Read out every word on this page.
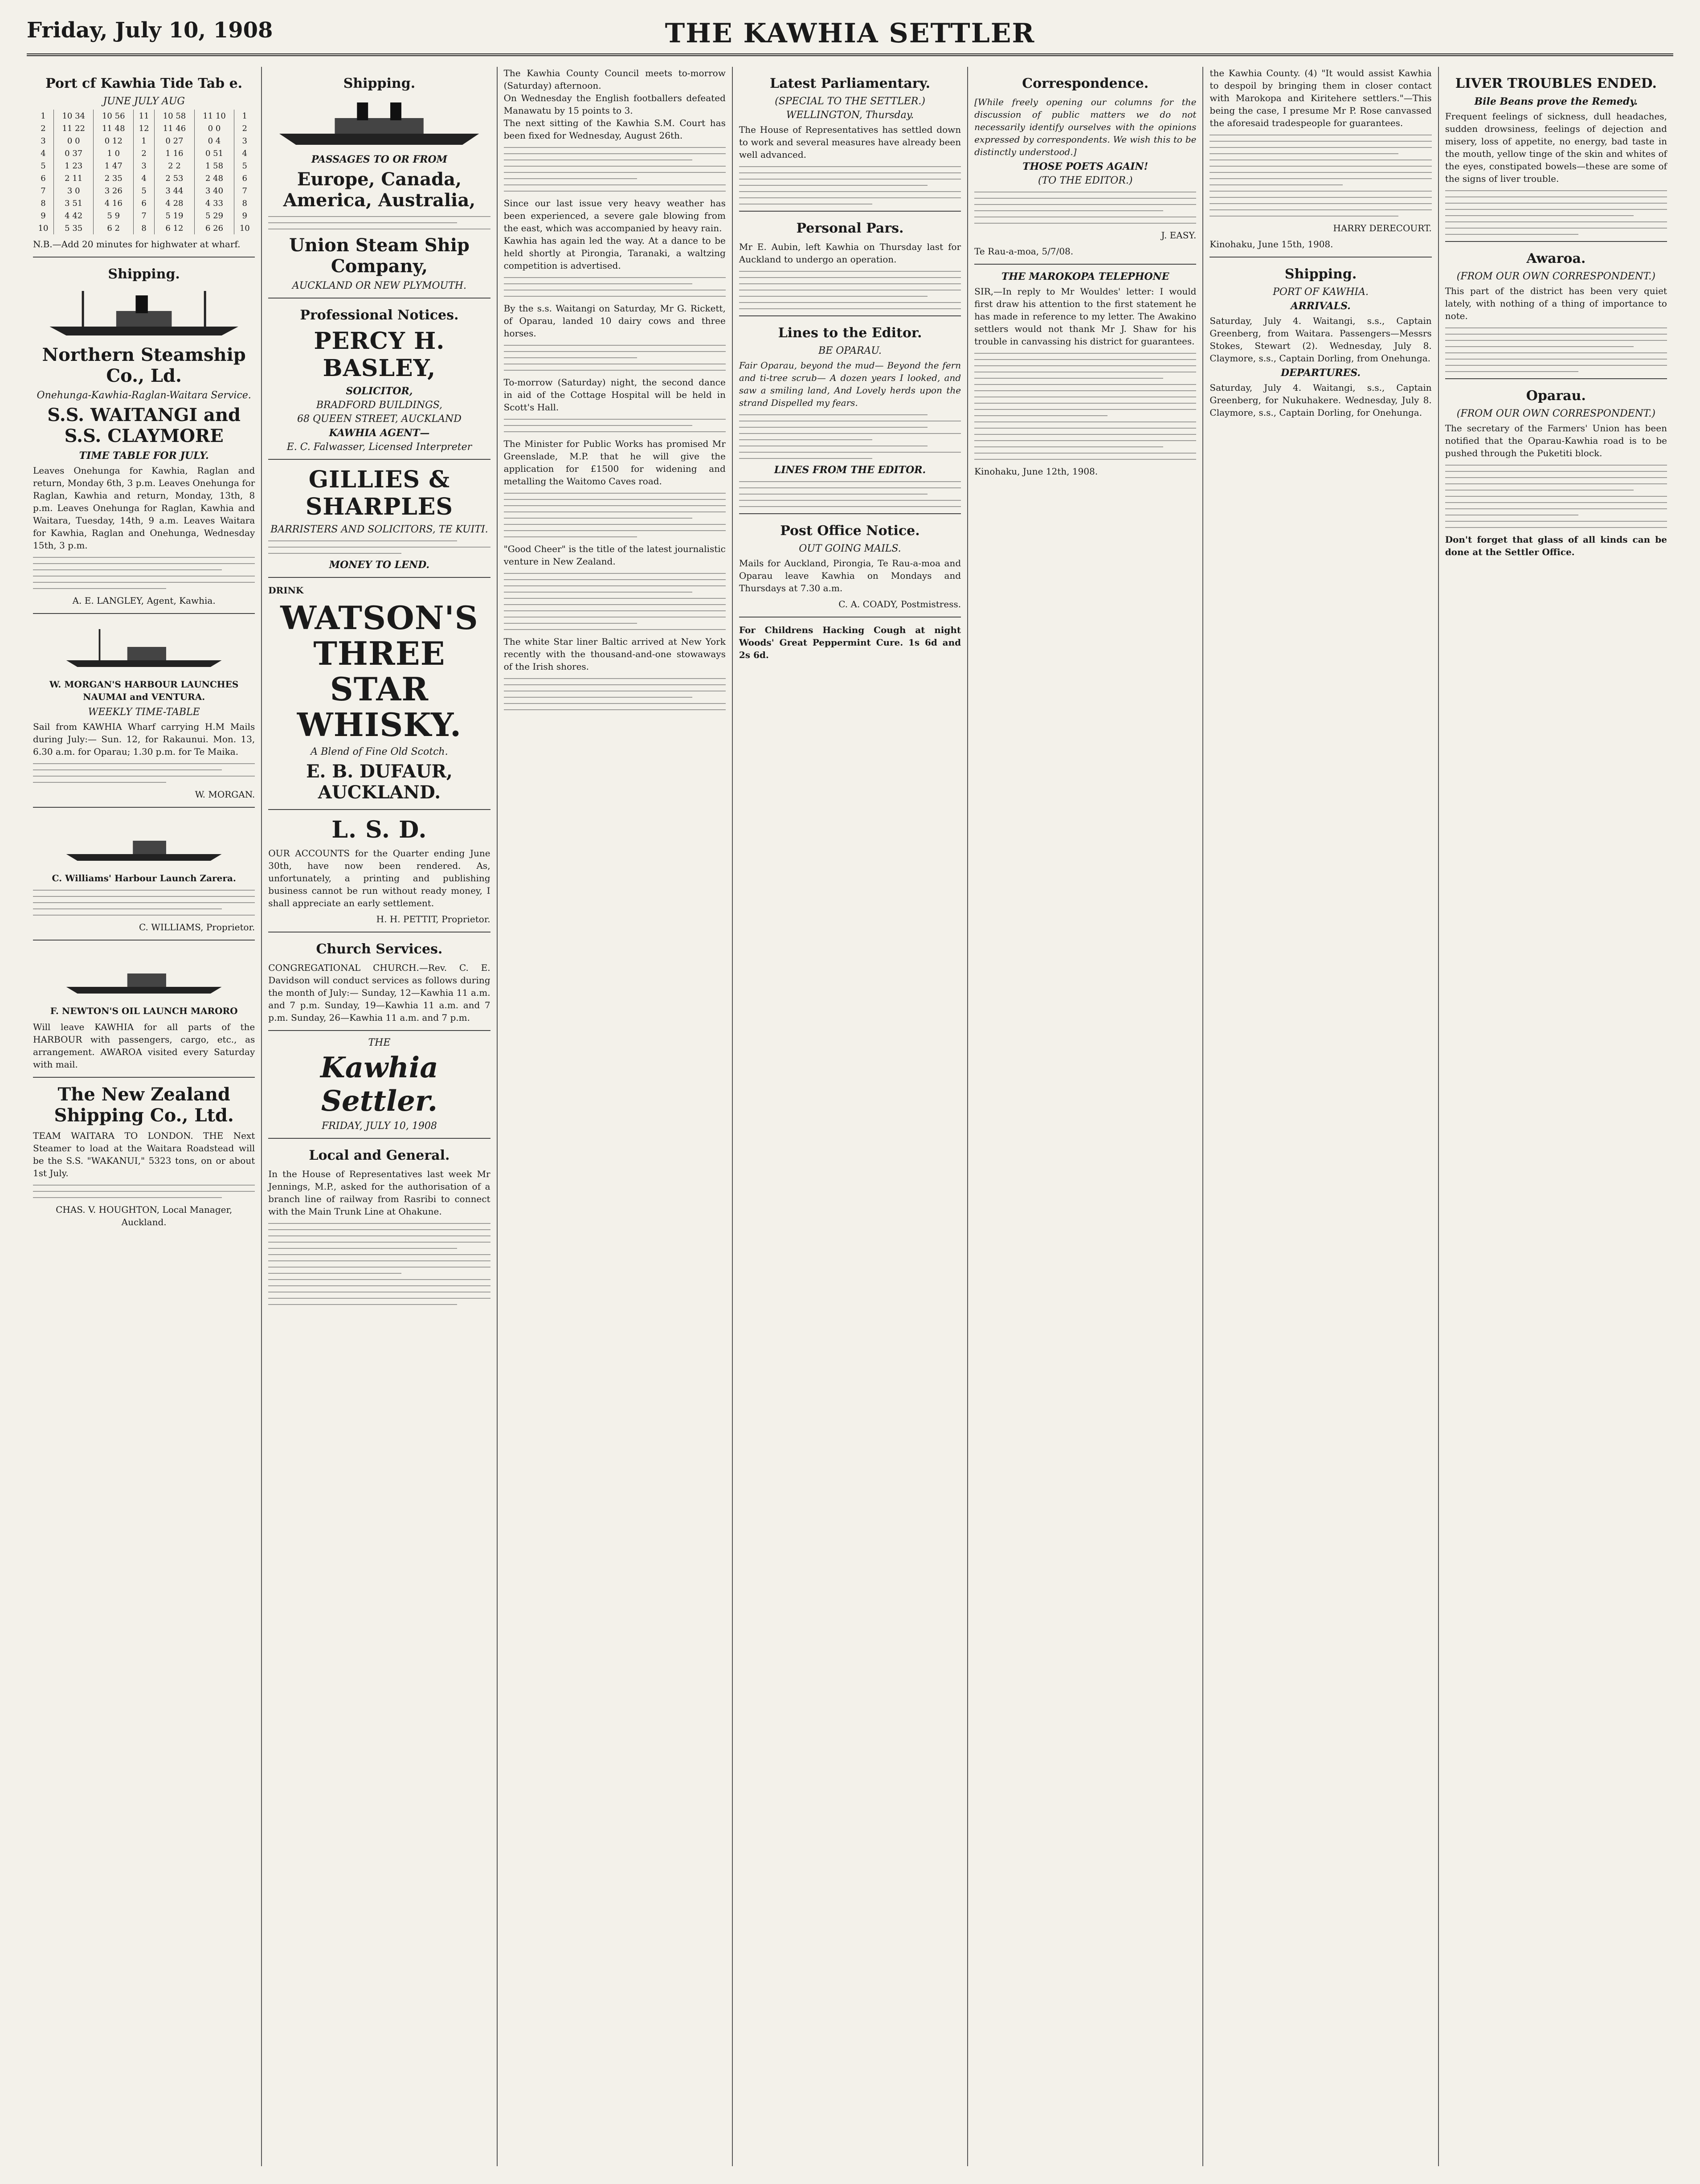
Friday, July 10, 1908	THE KAWHIA SETTLER
Port cf Kawhia Tide Tab e.
JUNE JULY AUG
1	10 34	10 56	11	10 58	11 10	1
2	11 22	11 48	12	11 46	0 0	2
3	0 0	0 12	1	0 27	0 4	3
4	0 37	1 0	2	1 16	0 51	4
5	1 23	1 47	3	2 2	1 58	5
6	2 11	2 35	4	2 53	2 48	6
7	3 0	3 26	5	3 44	3 40	7
8	3 51	4 16	6	4 28	4 33	8
9	4 42	5 9	7	5 19	5 29	9
10	5 35	6 2	8	6 12	6 26	10
N.B.—Add 20 minutes for highwater at wharf.
Shipping.
Northern Steamship Co., Ld.
Onehunga-Kawhia-Raglan-Waitara Service.
S.S. WAITANGI and S.S. CLAYMORE
TIME TABLE FOR JULY.
Leaves Onehunga for Kawhia, Raglan and return, Monday 6th, 3 p.m. Leaves Onehunga for Raglan, Kawhia and return, Monday, 13th, 8 p.m. Leaves Onehunga for Raglan, Kawhia and Waitara, Tuesday, 14th, 9 a.m. Leaves Waitara for Kawhia, Raglan and Onehunga, Wednesday 15th, 3 p.m.
A. E. LANGLEY, Agent, Kawhia.
W. MORGAN'S HARBOUR LAUNCHES NAUMAI and VENTURA.
WEEKLY TIME-TABLE
Sail from KAWHIA Wharf carrying H.M Mails during July:— Sun. 12, for Rakaunui. Mon. 13, 6.30 a.m. for Oparau; 1.30 p.m. for Te Maika.
W. MORGAN.
C. Williams' Harbour Launch Zarera.
C. WILLIAMS, Proprietor.
F. NEWTON'S OIL LAUNCH MARORO
Will leave KAWHIA for all parts of the HARBOUR with passengers, cargo, etc., as arrangement. AWAROA visited every Saturday with mail.
The New Zealand Shipping Co., Ltd.
TEAM WAITARA TO LONDON. THE Next Steamer to load at the Waitara Roadstead will be the S.S. "WAKANUI," 5323 tons, on or about 1st July.
CHAS. V. HOUGHTON, Local Manager, Auckland.
Shipping.
PASSAGES TO OR FROM
Europe, Canada, America, Australia,
Union Steam Ship Company,
AUCKLAND OR NEW PLYMOUTH.
Professional Notices.
PERCY H. BASLEY,
SOLICITOR,
BRADFORD BUILDINGS,
68 QUEEN STREET, AUCKLAND
KAWHIA AGENT—
E. C. Falwasser, Licensed Interpreter
GILLIES & SHARPLES
BARRISTERS AND SOLICITORS, TE KUITI.
MONEY TO LEND.
DRINK
WATSON'S THREE STAR WHISKY.
A Blend of Fine Old Scotch.
E. B. DUFAUR, AUCKLAND.
L. S. D.
OUR ACCOUNTS for the Quarter ending June 30th, have now been rendered. As, unfortunately, a printing and publishing business cannot be run without ready money, I shall appreciate an early settlement.
H. H. PETTIT, Proprietor.
Church Services.
CONGREGATIONAL CHURCH.—Rev. C. E. Davidson will conduct services as follows during the month of July:— Sunday, 12—Kawhia 11 a.m. and 7 p.m. Sunday, 19—Kawhia 11 a.m. and 7 p.m. Sunday, 26—Kawhia 11 a.m. and 7 p.m.
THE
Kawhia Settler.
FRIDAY, JULY 10, 1908
Local and General.
In the House of Representatives last week Mr Jennings, M.P., asked for the authorisation of a branch line of railway from Rasribi to connect with the Main Trunk Line at Ohakune.
The Kawhia County Council meets to-morrow (Saturday) afternoon.
On Wednesday the English footballers defeated Manawatu by 15 points to 3.
The next sitting of the Kawhia S.M. Court has been fixed for Wednesday, August 26th.
Since our last issue very heavy weather has been experienced, a severe gale blowing from the east, which was accompanied by heavy rain.
Kawhia has again led the way. At a dance to be held shortly at Pirongia, Taranaki, a waltzing competition is advertised.
By the s.s. Waitangi on Saturday, Mr G. Rickett, of Oparau, landed 10 dairy cows and three horses.
To-morrow (Saturday) night, the second dance in aid of the Cottage Hospital will be held in Scott's Hall.
The Minister for Public Works has promised Mr Greenslade, M.P. that he will give the application for £1500 for widening and metalling the Waitomo Caves road.
"Good Cheer" is the title of the latest journalistic venture in New Zealand.
The white Star liner Baltic arrived at New York recently with the thousand-and-one stowaways of the Irish shores.
Latest Parliamentary.
(SPECIAL TO THE SETTLER.)
WELLINGTON, Thursday.
The House of Representatives has settled down to work and several measures have already been well advanced.
Personal Pars.
Mr E. Aubin, left Kawhia on Thursday last for Auckland to undergo an operation.
Lines to the Editor.
BE OPARAU.
Fair Oparau, beyond the mud— Beyond the fern and ti-tree scrub— A dozen years I looked, and saw a smiling land, And Lovely herds upon the strand Dispelled my fears.
LINES FROM THE EDITOR.
Post Office Notice.
OUT GOING MAILS.
Mails for Auckland, Pirongia, Te Rau-a-moa and Oparau leave Kawhia on Mondays and Thursdays at 7.30 a.m.
C. A. COADY, Postmistress.
For Childrens Hacking Cough at night Woods' Great Peppermint Cure. 1s 6d and 2s 6d.
Correspondence.
[While freely opening our columns for the discussion of public matters we do not necessarily identify ourselves with the opinions expressed by correspondents. We wish this to be distinctly understood.]
THOSE POETS AGAIN!
(TO THE EDITOR.)
J. EASY.
Te Rau-a-moa, 5/7/08.
THE MAROKOPA TELEPHONE
SIR,—In reply to Mr Wouldes' letter: I would first draw his attention to the first statement he has made in reference to my letter. The Awakino settlers would not thank Mr J. Shaw for his trouble in canvassing his district for guarantees.
Kinohaku, June 12th, 1908.
the Kawhia County. (4) "It would assist Kawhia to despoil by bringing them in closer contact with Marokopa and Kiritehere settlers."—This being the case, I presume Mr P. Rose canvassed the aforesaid tradespeople for guarantees.
HARRY DERECOURT.
Kinohaku, June 15th, 1908.
Shipping.
PORT OF KAWHIA.
ARRIVALS.
Saturday, July 4. Waitangi, s.s., Captain Greenberg, from Waitara. Passengers—Messrs Stokes, Stewart (2). Wednesday, July 8. Claymore, s.s., Captain Dorling, from Onehunga.
DEPARTURES.
Saturday, July 4. Waitangi, s.s., Captain Greenberg, for Nukuhakere. Wednesday, July 8. Claymore, s.s., Captain Dorling, for Onehunga.
LIVER TROUBLES ENDED.
Bile Beans prove the Remedy.
Frequent feelings of sickness, dull headaches, sudden drowsiness, feelings of dejection and misery, loss of appetite, no energy, bad taste in the mouth, yellow tinge of the skin and whites of the eyes, constipated bowels—these are some of the signs of liver trouble.
Awaroa.
(FROM OUR OWN CORRESPONDENT.)
This part of the district has been very quiet lately, with nothing of a thing of importance to note.
Oparau.
(FROM OUR OWN CORRESPONDENT.)
The secretary of the Farmers' Union has been notified that the Oparau-Kawhia road is to be pushed through the Puketiti block.
Don't forget that glass of all kinds can be done at the Settler Office.
